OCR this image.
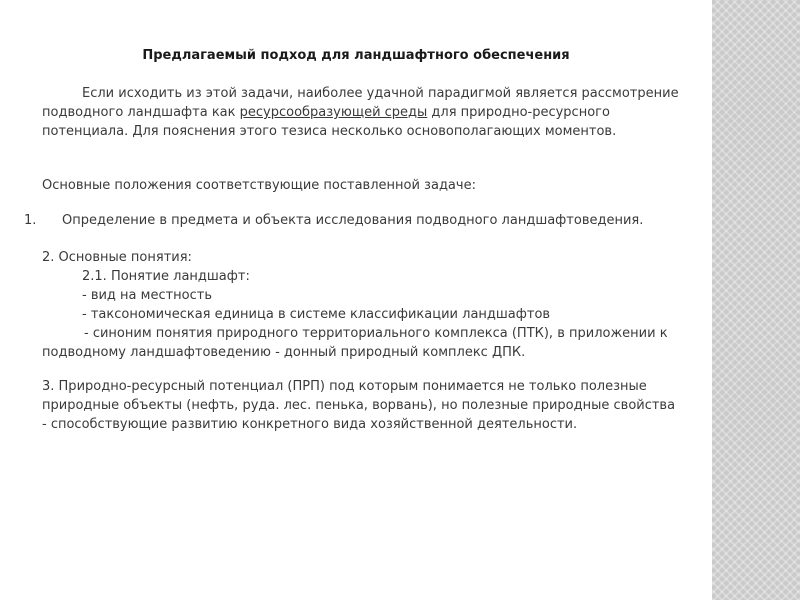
Предлагаемый подход для ландшафтного обеспечения

Если исходить из этой задачи, наиболее удачной парадигмой является рассмотрение подводного ландшафта как ресурсообразующей среды для природно-ресурсного потенциала. Для пояснения этого тезиса несколько основополагающих моментов.

Основные положения соответствующие поставленной задаче:

1. Определение в предмета и объекта исследования подводного ландшафтоведения.

2. Основные понятия:

2.1. Понятие ландшафт:

- вид на местность

- таксономическая единица в системе классификации ландшафтов

- синоним понятия природного территориального комплекса (ПТК), в приложении к подводному ландшафтоведению - донный природный комплекс ДПК.

3. Природно-ресурсный потенциал (ПРП) под которым понимается не только полезные природные объекты (нефть, руда. лес. пенька, ворвань), но полезные природные свойства - способствующие развитию конкретного вида хозяйственной деятельности.
